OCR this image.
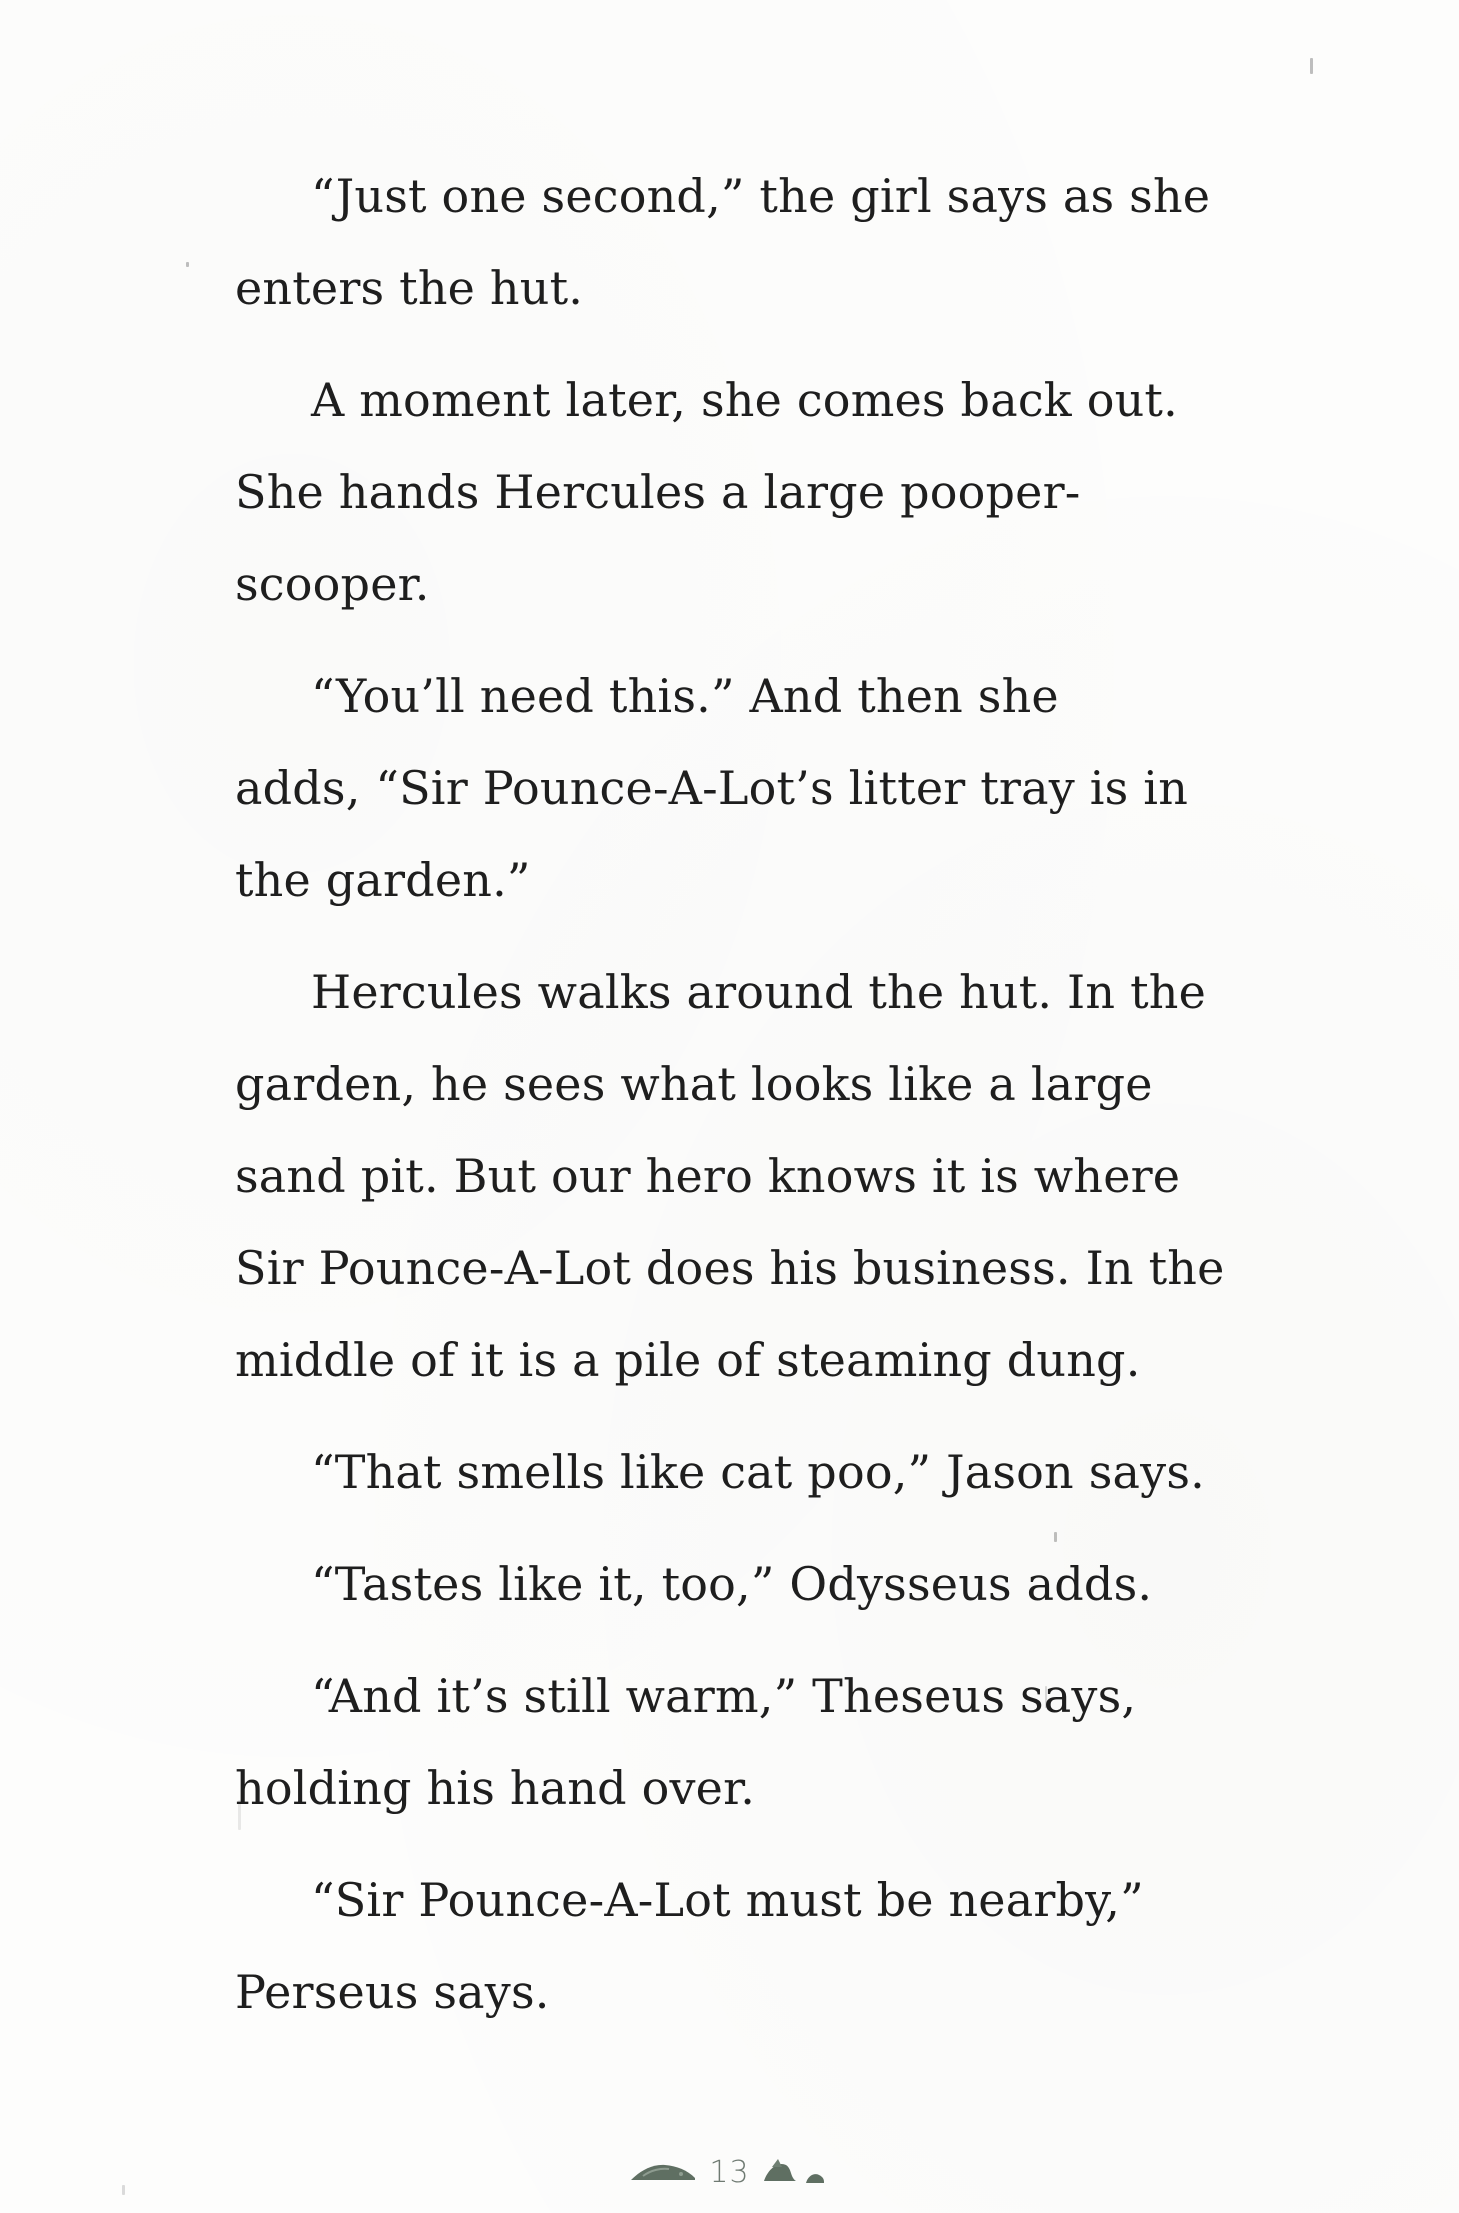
“Just one second,” the girl says as she
enters the hut.

A moment later, she comes back out.
She hands Hercules a large pooper-scooper.

“You’ll need this.” And then she
adds, “Sir Pounce-A-Lot’s litter tray is in
the garden.”

Hercules walks around the hut. In the
garden, he sees what looks like a large
sand pit. But our hero knows it is where
Sir Pounce-A-Lot does his business. In the
middle of it is a pile of steaming dung.

“That smells like cat poo,” Jason says.

“Tastes like it, too,” Odysseus adds.

“And it’s still warm,” Theseus says,
holding his hand over.

“Sir Pounce-A-Lot must be nearby,”
Perseus says.

13
